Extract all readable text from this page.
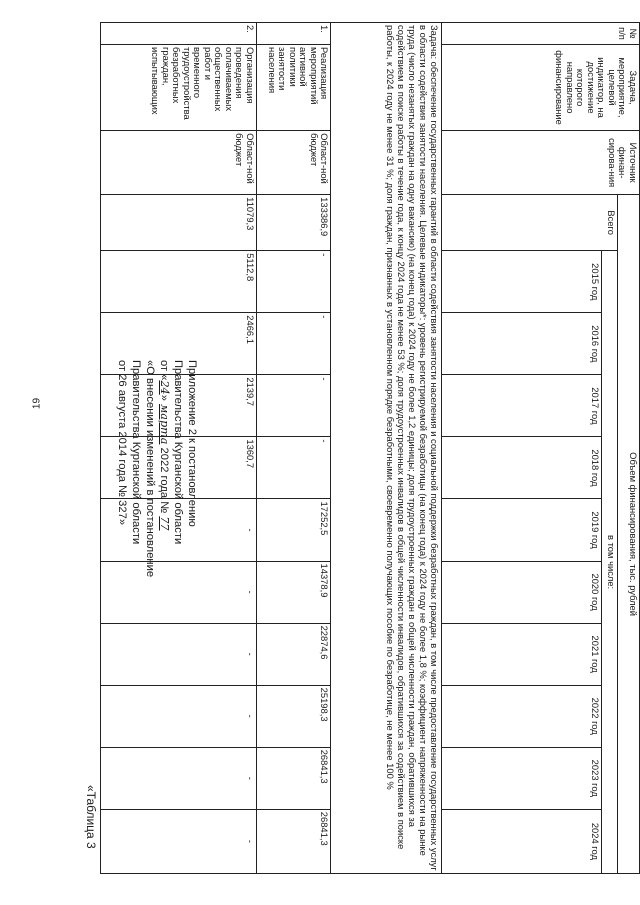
19	Приложение 2 к постановлению
Правительства Курганской области
от «24» марта 2022 года № 77
«О внесении изменений в постановление
Правительства Курганской области
от 26 августа 2014 года № 327»
«Таблица 3
№ п/п	Задача, мероприятие, целевой индикатор, на достижение которого направлено финансирование	Источник финан-сирова-ния	Объем финансирования, тыс. рублей										
			Всего	в том числе:									
				2015 год	2016 год	2017 год	2018 год	2019 год	2020 год	2021 год	2022 год	2023 год	2024 год
Задача: обеспечение государственных гарантий в области содействия занятости населения и социальной поддержки безработных граждан, в том числе предоставление государственных услуг в области содействия занятости населения. Целевые индикаторы*: уровень регистрируемой безработицы (на конец года) к 2024 году не более 1,8 %; коэффициент напряженности на рынке труда (число незанятых граждан на одну вакансию) (на конец года) к 2024 году не более 1,2 единицы; доля трудоустроенных граждан в общей численности граждан, обратившихся за содействием в поиске работы в течение года, к концу 2024 года не менее 53 %; доля трудоустроенных инвалидов в общей численности инвалидов, обратившихся за содействием в поиске работы, к 2024 году не менее 31 %; доля граждан, признанных в установленном порядке безработными, своевременно получающих пособие по безработице, не менее 100 %													
1.	Реализация мероприятий активной политики занятости населения	Област-ной бюджет	133386,9	-	-	-	-	17252,5	14378,9	22874,6	25198,3	26841,3	26841,3
2.	Организация проведения оплачиваемых общественных работ и временного трудоустройства безработных граждан, испытывающих	Област-ной бюджет	11079,3	5112,8	2466,1	2139,7	1360,7	-	-	-	-	-	-
